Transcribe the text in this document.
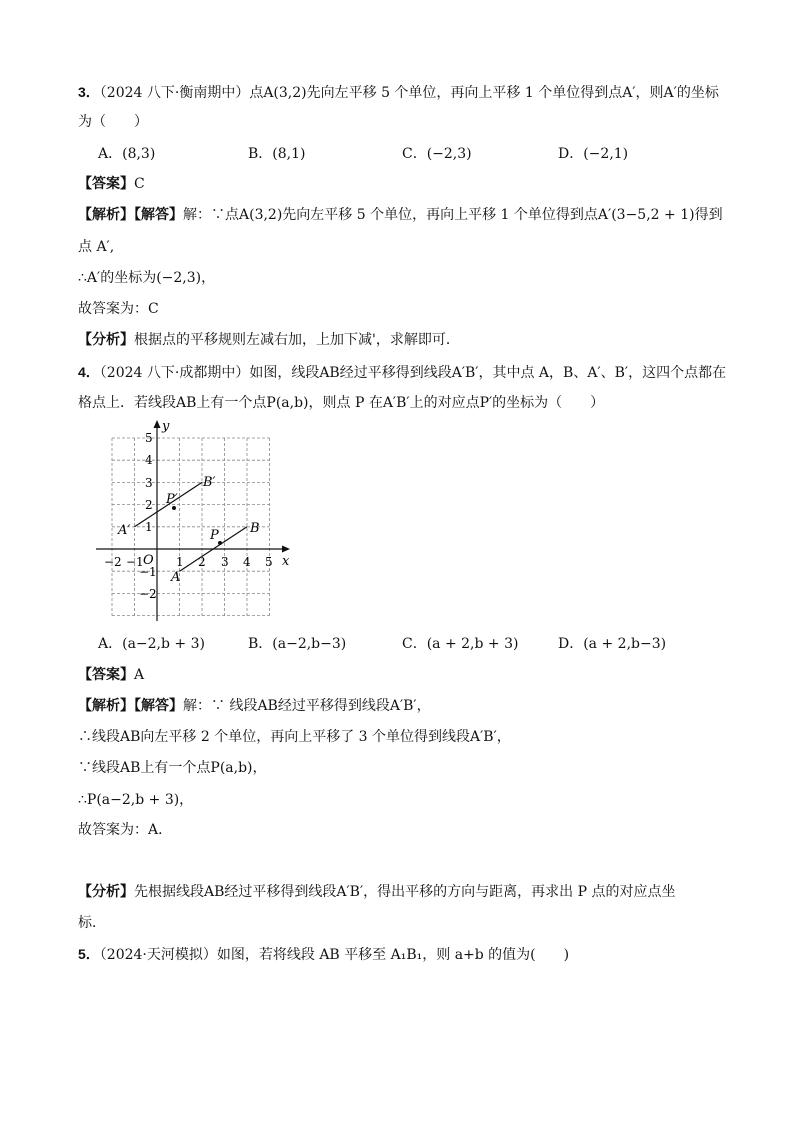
3．（2024 八下·衡南期中）点A(3,2)先向左平移 5 个单位，再向上平移 1 个单位得到点A′，则A′的坐标
为（　　）
A．(8,3)	B．(8,1)	C．(−2,3)	D．(−2,1)
【答案】C
【解析】【解答】解：∵点A(3,2)先向左平移 5 个单位，再向上平移 1 个单位得到点A′(3−5,2 + 1)得到
点 A′,
∴A′的坐标为(−2,3)，
故答案为：C
【分析】根据点的平移规则左减右加，上加下减'，求解即可．
4．（2024 八下·成都期中）如图，线段AB经过平移得到线段A′B′，其中点 A，B、A′、B′，这四个点都在
格点上．若线段AB上有一个点P(a,b)，则点 P 在A′B′上的对应点P′的坐标为（　　）
x
y
O
−2 −1	1 2 3 4 5
5
4
3
2
1
−1
−2
A
B
A′
B′
P
P′
A．(a−2,b + 3)	B．(a−2,b−3)	C．(a + 2,b + 3)	D．(a + 2,b−3)
【答案】A
【解析】【解答】解：∵ 线段AB经过平移得到线段A′B′，
∴线段AB向左平移 2 个单位，再向上平移了 3 个单位得到线段A′B′，
∵线段AB上有一个点P(a,b)，
∴P(a−2,b + 3)，
故答案为：A．
【分析】先根据线段AB经过平移得到线段A′B′，得出平移的方向与距离，再求出 P 点的对应点坐
标．
5．（2024·天河模拟）如图，若将线段 AB 平移至 A₁B₁，则 a+b 的值为(　　)
